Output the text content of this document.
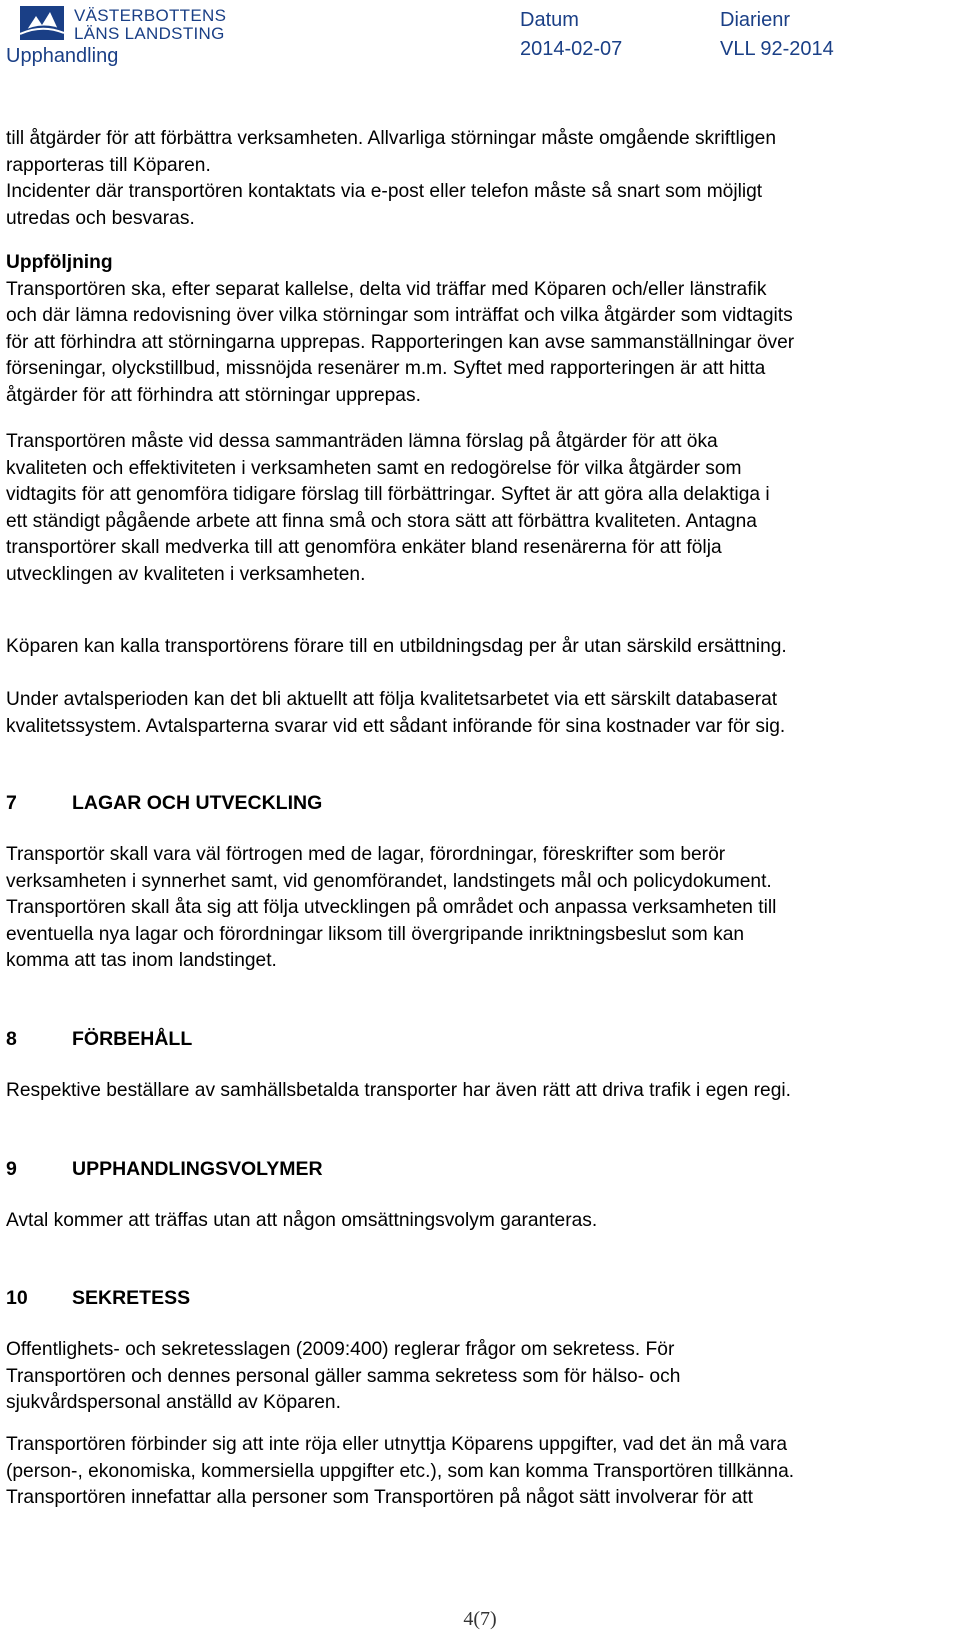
VÄSTERBOTTENS
LÄNS LANDSTING
Upphandling
Datum
2014-02-07
Diarienr
VLL 92-2014
till åtgärder för att förbättra verksamheten. Allvarliga störningar måste omgående skriftligen
rapporteras till Köparen.
Incidenter där transportören kontaktats via e-post eller telefon måste så snart som möjligt
utredas och besvaras.
Uppföljning
Transportören ska, efter separat kallelse, delta vid träffar med Köparen och/eller länstrafik
och där lämna redovisning över vilka störningar som inträffat och vilka åtgärder som vidtagits
för att förhindra att störningarna upprepas. Rapporteringen kan avse sammanställningar över
förseningar, olyckstillbud, missnöjda resenärer m.m. Syftet med rapporteringen är att hitta
åtgärder för att förhindra att störningar upprepas.
Transportören måste vid dessa sammanträden lämna förslag på åtgärder för att öka
kvaliteten och effektiviteten i verksamheten samt en redogörelse för vilka åtgärder som
vidtagits för att genomföra tidigare förslag till förbättringar. Syftet är att göra alla delaktiga i
ett ständigt pågående arbete att finna små och stora sätt att förbättra kvaliteten. Antagna
transportörer skall medverka till att genomföra enkäter bland resenärerna för att följa
utvecklingen av kvaliteten i verksamheten.
Köparen kan kalla transportörens förare till en utbildningsdag per år utan särskild ersättning.
Under avtalsperioden kan det bli aktuellt att följa kvalitetsarbetet via ett särskilt databaserat
kvalitetssystem. Avtalsparterna svarar vid ett sådant införande för sina kostnader var för sig.
7	LAGAR OCH UTVECKLING
Transportör skall vara väl förtrogen med de lagar, förordningar, föreskrifter som berör
verksamheten i synnerhet samt, vid genomförandet, landstingets mål och policydokument.
Transportören skall åta sig att följa utvecklingen på området och anpassa verksamheten till
eventuella nya lagar och förordningar liksom till övergripande inriktningsbeslut som kan
komma att tas inom landstinget.
8	FÖRBEHÅLL
Respektive beställare av samhällsbetalda transporter har även rätt att driva trafik i egen regi.
9	UPPHANDLINGSVOLYMER
Avtal kommer att träffas utan att någon omsättningsvolym garanteras.
10 SEKRETESS
Offentlighets- och sekretesslagen (2009:400) reglerar frågor om sekretess. För
Transportören och dennes personal gäller samma sekretess som för hälso- och
sjukvårdspersonal anställd av Köparen.
Transportören förbinder sig att inte röja eller utnyttja Köparens uppgifter, vad det än må vara
(person-, ekonomiska, kommersiella uppgifter etc.), som kan komma Transportören tillkänna.
Transportören innefattar alla personer som Transportören på något sätt involverar för att
4(7)
